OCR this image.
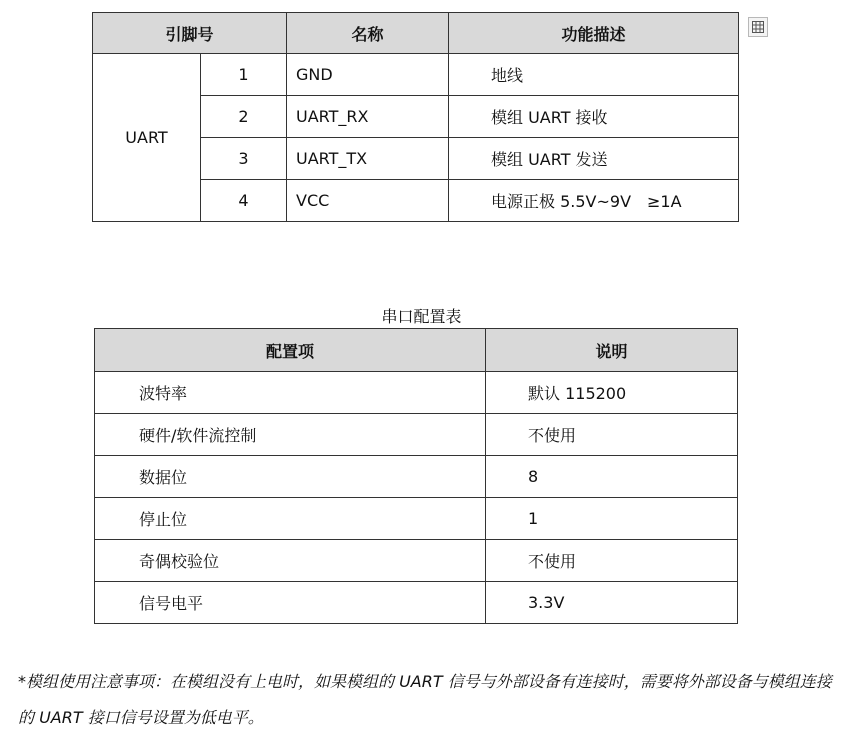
引脚号		名称	功能描述
UART	1	GND	地线
	2	UART_RX	模组 UART 接收
	3	UART_TX	模组 UART 发送
	4	VCC	电源正极 5.5V~9V　≥1A
串口配置表
配置项	说明
波特率	默认 115200
硬件/软件流控制	不使用
数据位	8
停止位	1
奇偶校验位	不使用
信号电平	3.3V

*模组使用注意事项：在模组没有上电时，如果模组的 UART 信号与外部设备有连接时，需要将外部设备与模组连接的 UART 接口信号设置为低电平。
